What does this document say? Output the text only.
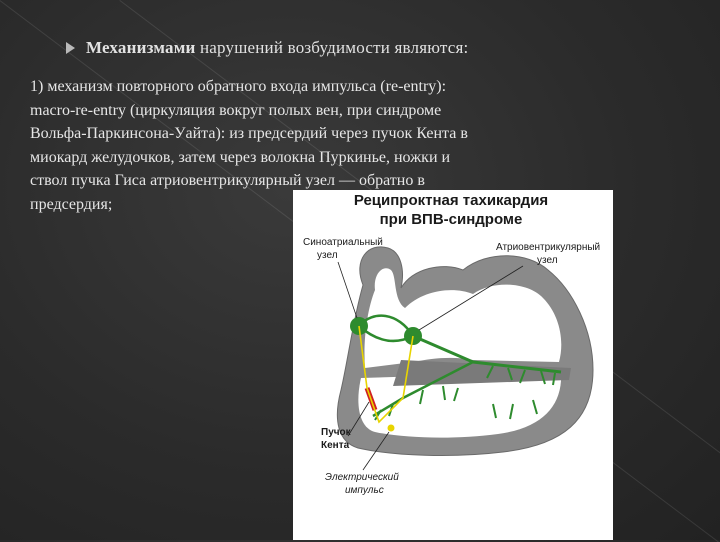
Механизмами нарушений возбудимости являются:
1) механизм повторного обратного входа импульса (re-entry):
macro-re-entry (циркуляция вокруг полых вен, при синдроме
Вольфа-Паркинсона-Уайта): из предсердий через пучок Кента в
миокард желудочков, затем через волокна Пуркинье, ножки и
ствол пучка Гиса атриовентрикулярный узел — обратно в
предсердия;	Реципроктная тахикардия
при ВПВ-синдроме
Синоатриальный
узел
Атриовентрикулярный
узел
Пучок
Кента
Электрический
импульс
